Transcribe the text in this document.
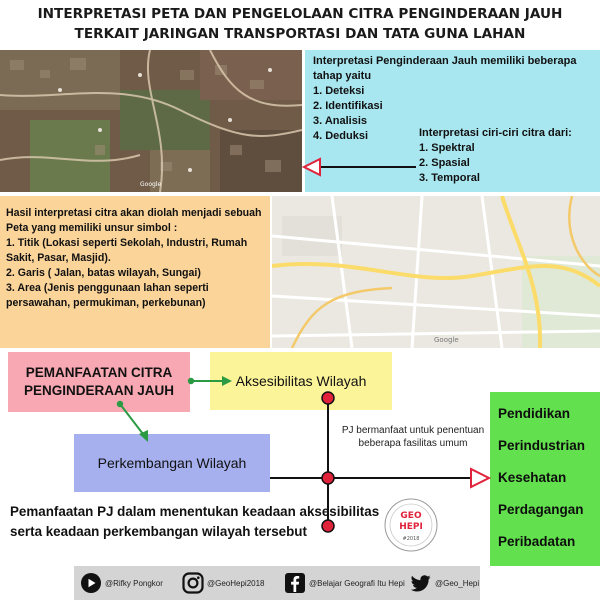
INTERPRETASI PETA DAN PENGELOLAAN CITRA PENGINDERAAN JAUH
TERKAIT JARINGAN TRANSPORTASI DAN TATA GUNA LAHAN
Google
Interpretasi Penginderaan Jauh memiliki beberapa tahap yaitu
1. Deteksi
2. Identifikasi
3. Analisis
4. Deduksi	Interpretasi ciri-ciri citra dari:
1. Spektral
2. Spasial
3. Temporal

Hasil interpretasi citra akan diolah menjadi sebuah Peta yang memiliki unsur simbol :

1. Titik (Lokasi seperti Sekolah, Industri, Rumah Sakit, Pasar, Masjid).
2. Garis ( Jalan, batas wilayah, Sungai)
3. Area (Jenis penggunaan lahan seperti persawahan, permukiman, perkebunan)
Google
PEMANFAATAN CITRA PENGINDERAAN JAUH
Aksesibilitas Wilayah
Perkembangan Wilayah
PJ bermanfaat untuk penentuan beberapa fasilitas umum
Pendidikan
Perindustrian
Kesehatan
Perdagangan
Peribadatan
Pemanfaatan PJ dalam menentukan keadaan aksesibilitas serta keadaan perkembangan wilayah tersebut
GEO
HEPI
#2018
@Rifky Pongkor	@GeoHepi2018	@Belajar Geografi Itu Hepi	@Geo_Hepi
